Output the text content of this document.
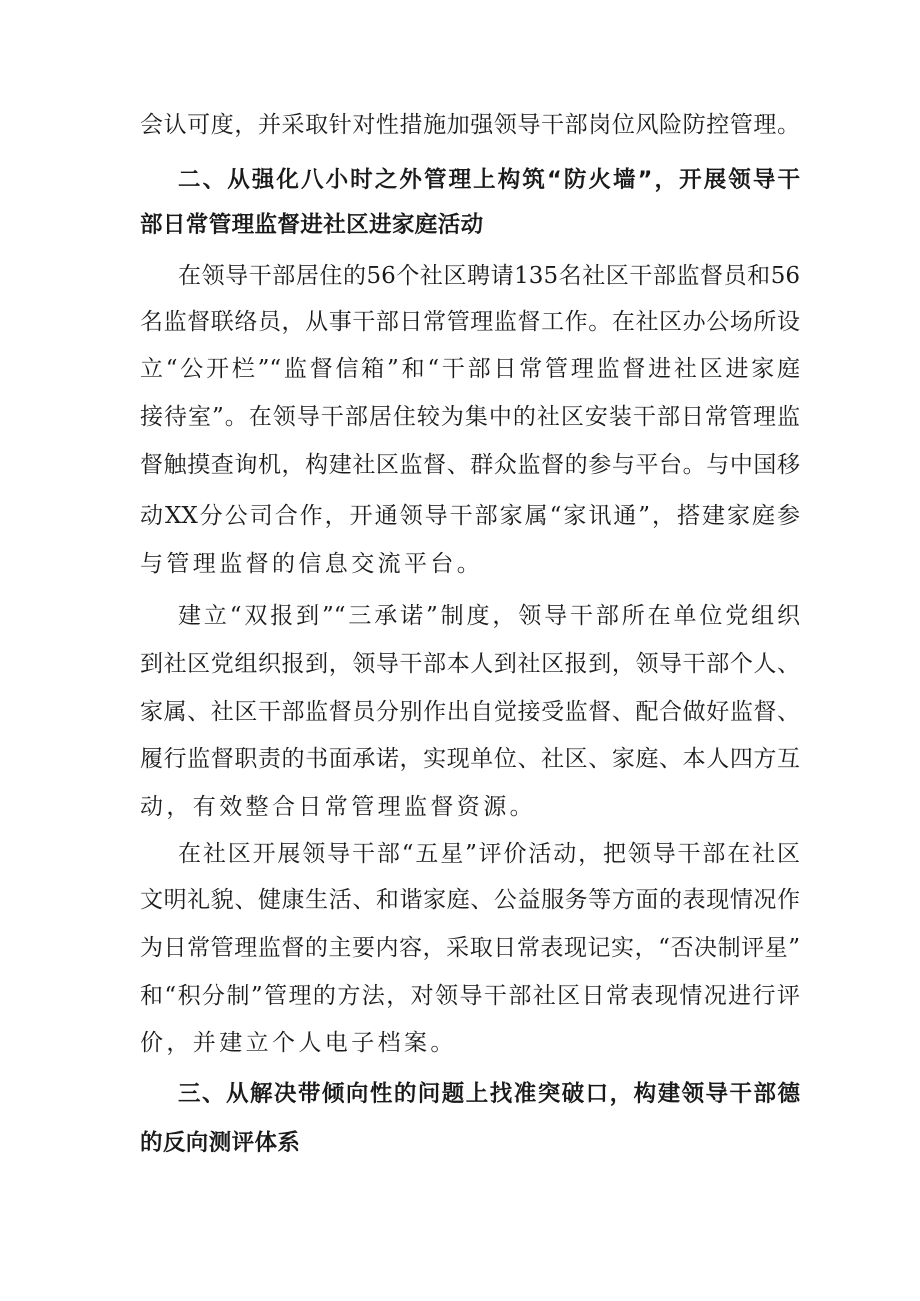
会认可度，并采取针对性措施加强领导干部岗位风险防控管理。
二、从强化八小时之外管理上构筑“防火墙”，开展领导干
部日常管理监督进社区进家庭活动
在领导干部居住的56个社区聘请135名社区干部监督员和56
名监督联络员，从事干部日常管理监督工作。在社区办公场所设
立“公开栏”“监督信箱”和“干部日常管理监督进社区进家庭
接待室”。在领导干部居住较为集中的社区安装干部日常管理监
督触摸查询机，构建社区监督、群众监督的参与平台。与中国移
动XX分公司合作，开通领导干部家属“家讯通”，搭建家庭参
与管理监督的信息交流平台。
建立“双报到”“三承诺”制度，领导干部所在单位党组织
到社区党组织报到，领导干部本人到社区报到，领导干部个人、
家属、社区干部监督员分别作出自觉接受监督、配合做好监督、
履行监督职责的书面承诺，实现单位、社区、家庭、本人四方互
动，有效整合日常管理监督资源。
在社区开展领导干部“五星”评价活动，把领导干部在社区
文明礼貌、健康生活、和谐家庭、公益服务等方面的表现情况作
为日常管理监督的主要内容，采取日常表现记实，“否决制评星”
和“积分制”管理的方法，对领导干部社区日常表现情况进行评
价，并建立个人电子档案。
三、从解决带倾向性的问题上找准突破口，构建领导干部德
的反向测评体系
